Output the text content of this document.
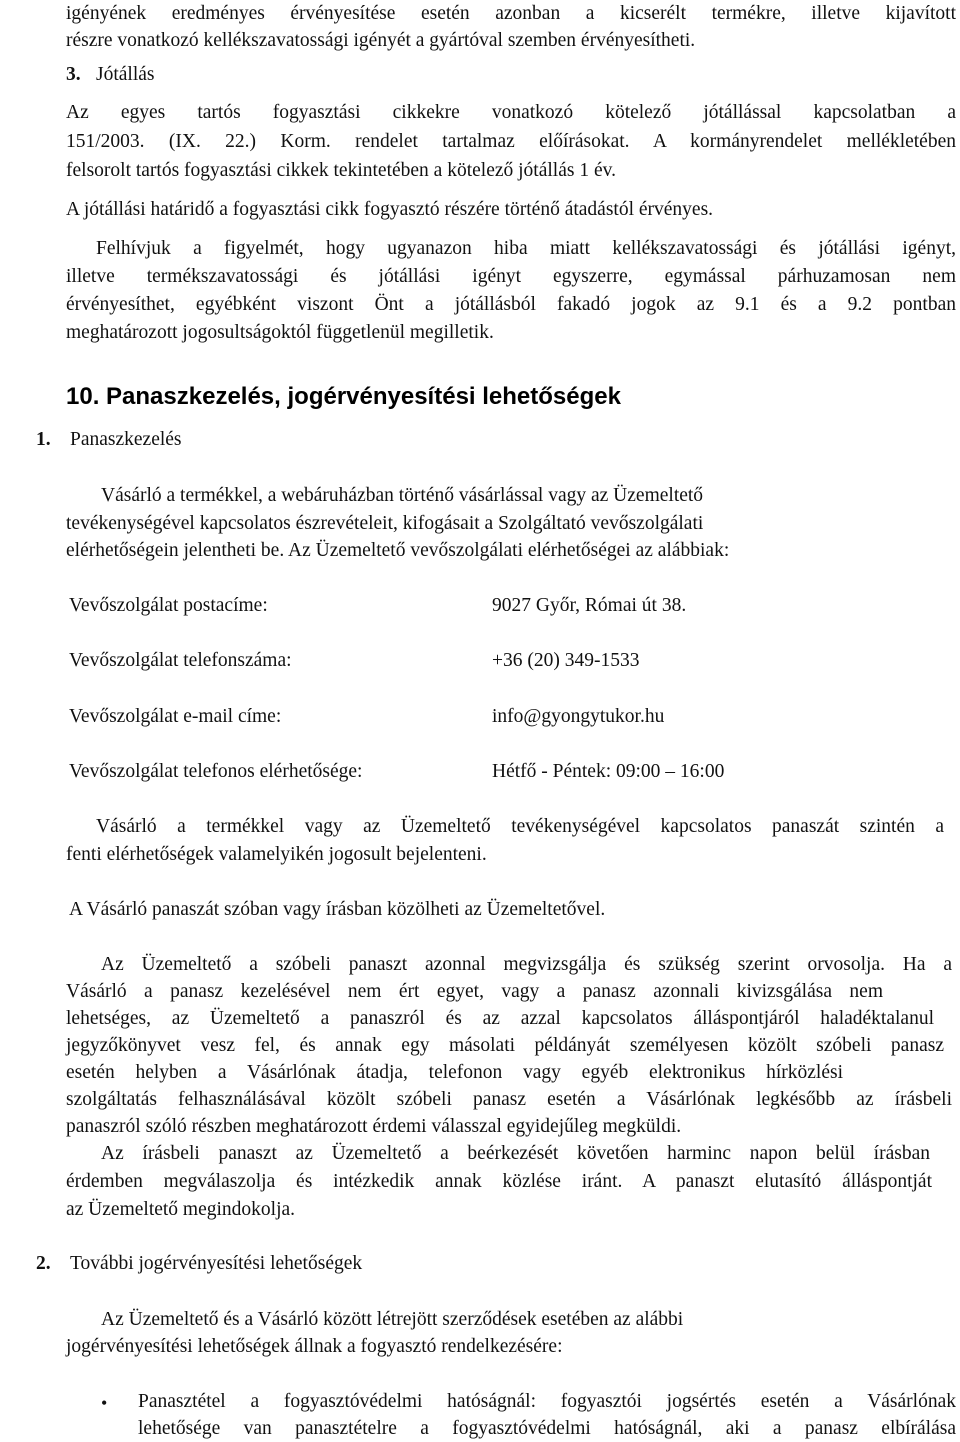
igényének eredményes érvényesítése esetén azonban a kicserélt termékre, illetve kijavított
részre vonatkozó kellékszavatossági igényét a gyártóval szemben érvényesítheti.
3. Jótállás
Az egyes tartós fogyasztási cikkekre vonatkozó kötelező jótállással kapcsolatban a
151/2003. (IX. 22.) Korm. rendelet tartalmaz előírásokat. A kormányrendelet mellékletében
felsorolt tartós fogyasztási cikkek tekintetében a kötelező jótállás 1 év.
A jótállási határidő a fogyasztási cikk fogyasztó részére történő átadástól érvényes.
Felhívjuk a figyelmét, hogy ugyanazon hiba miatt kellékszavatossági és jótállási igényt,
illetve termékszavatossági és jótállási igényt egyszerre, egymással párhuzamosan nem
érvényesíthet, egyébként viszont Önt a jótállásból fakadó jogok az 9.1 és a 9.2 pontban
meghatározott jogosultságoktól függetlenül megilletik.
10. Panaszkezelés, jogérvényesítési lehetőségek
1. Panaszkezelés
Vásárló a termékkel, a webáruházban történő vásárlással vagy az Üzemeltető
tevékenységével kapcsolatos észrevételeit, kifogásait a Szolgáltató vevőszolgálati
elérhetőségein jelentheti be. Az Üzemeltető vevőszolgálati elérhetőségei az alábbiak:
Vevőszolgálat postacíme:	9027 Győr, Római út 38.
Vevőszolgálat telefonszáma:	+36 (20) 349-1533
Vevőszolgálat e-mail címe:	info@gyongytukor.hu
Vevőszolgálat telefonos elérhetősége:	Hétfő - Péntek: 09:00 – 16:00
Vásárló a termékkel vagy az Üzemeltető tevékenységével kapcsolatos panaszát szintén a
fenti elérhetőségek valamelyikén jogosult bejelenteni.
A Vásárló panaszát szóban vagy írásban közölheti az Üzemeltetővel.
Az Üzemeltető a szóbeli panaszt azonnal megvizsgálja és szükség szerint orvosolja. Ha a
Vásárló a panasz kezelésével nem ért egyet, vagy a panasz azonnali kivizsgálása nem
lehetséges, az Üzemeltető a panaszról és az azzal kapcsolatos álláspontjáról haladéktalanul
jegyzőkönyvet vesz fel, és annak egy másolati példányát személyesen közölt szóbeli panasz
esetén helyben a Vásárlónak átadja, telefonon vagy egyéb elektronikus hírközlési
szolgáltatás felhasználásával közölt szóbeli panasz esetén a Vásárlónak legkésőbb az írásbeli
panaszról szóló részben meghatározott érdemi válasszal egyidejűleg megküldi.
Az írásbeli panaszt az Üzemeltető a beérkezését követően harminc napon belül írásban
érdemben megválaszolja és intézkedik annak közlése iránt. A panaszt elutasító álláspontját
az Üzemeltető megindokolja.
2. További jogérvényesítési lehetőségek
Az Üzemeltető és a Vásárló között létrejött szerződések esetében az alábbi
jogérvényesítési lehetőségek állnak a fogyasztó rendelkezésére:
• Panasztétel a fogyasztóvédelmi hatóságnál: fogyasztói jogsértés esetén a Vásárlónak
lehetősége van panasztételre a fogyasztóvédelmi hatóságnál, aki a panasz elbírálása
